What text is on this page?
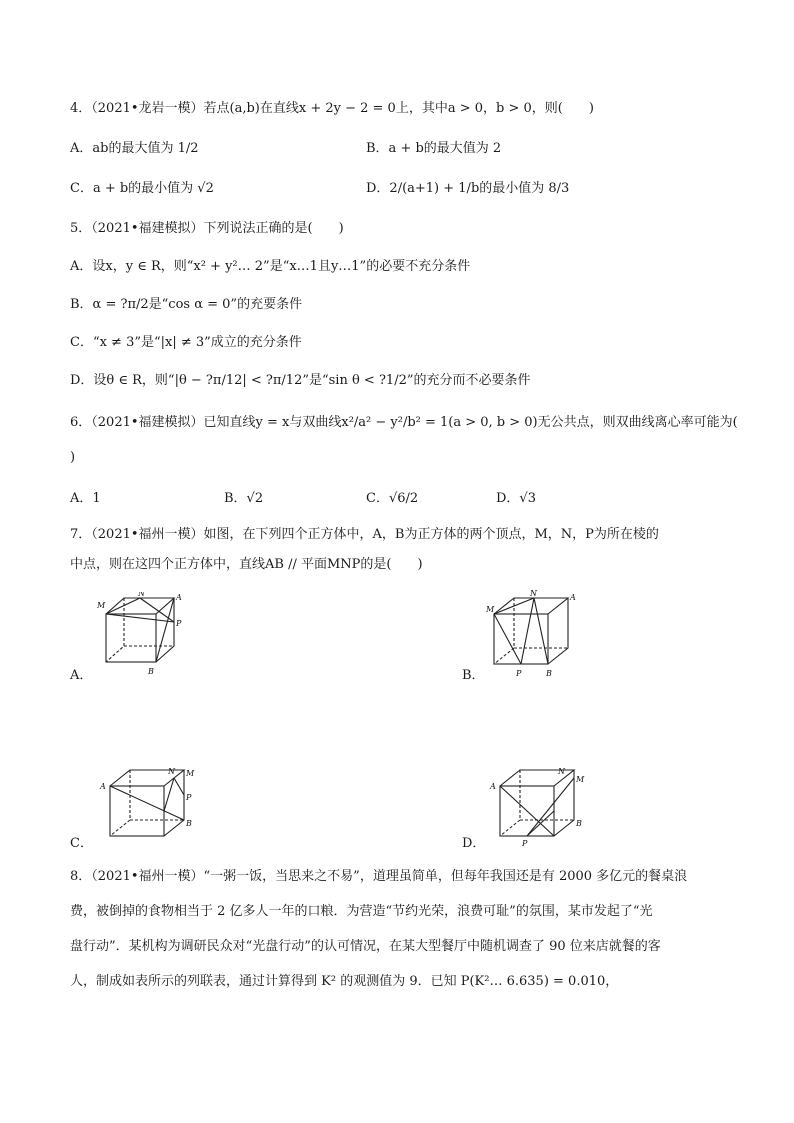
4．（2021•龙岩一模）若点(a,b)在直线x + 2y − 2 = 0上，其中a > 0，b > 0，则(　　)
A．ab的最大值为 1/2	B．a + b的最大值为 2
C．a + b的最小值为 √2	D．2/(a+1) + 1/b的最小值为 8/3
5．（2021•福建模拟）下列说法正确的是(　　)
A．设x，y ∈ R，则“x² + y²… 2”是“x…1且y…1”的必要不充分条件
B．α = ?π/2是“cos α = 0”的充要条件
C．“x ≠ 3”是“|x| ≠ 3”成立的充分条件
D．设θ ∈ R，则“|θ − ?π/12| < ?π/12”是“sin θ < ?1/2”的充分而不必要条件
6．（2021•福建模拟）已知直线y = x与双曲线x²/a² − y²/b² = 1(a > 0, b > 0)无公共点，则双曲线离心率可能为(
)
A．1	B．√2	C．√6/2	D．√3
7．（2021•福州一模）如图，在下列四个正方体中，A，B为正方体的两个顶点，M，N，P为所在棱的
中点，则在这四个正方体中，直线AB // 平面MNP的是(　　)
A．
M
N	A
P
B	B．
M
N	A
P	B
C．
A
N M
P
B
D．
A
N
M
P
B
8．（2021•福州一模）“一粥一饭，当思来之不易”，道理虽简单，但每年我国还是有 2000 多亿元的餐桌浪
费，被倒掉的食物相当于 2 亿多人一年的口粮．为营造“节约光荣，浪费可耻”的氛围，某市发起了“光
盘行动”．某机构为调研民众对“光盘行动”的认可情况，在某大型餐厅中随机调查了 90 位来店就餐的客
人，制成如表所示的列联表，通过计算得到 K² 的观测值为 9．已知 P(K²… 6.635) = 0.010，
